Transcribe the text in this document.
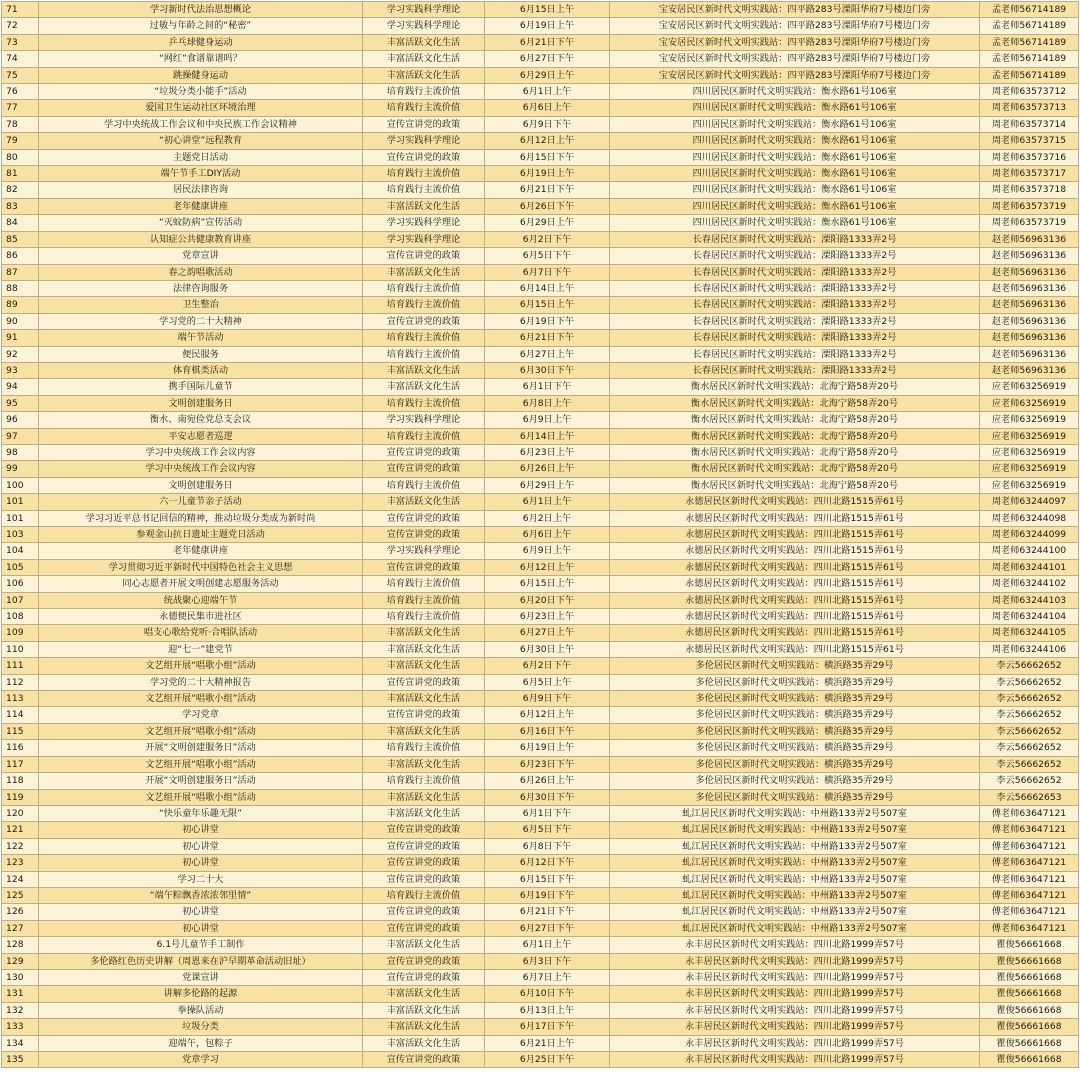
71	学习新时代法治思想概论	学习实践科学理论	6月15日上午	宝安居民区新时代文明实践站：四平路283号溧阳华府7号楼边门旁	孟老师56714189
72	过敏与年龄之间的“秘密”	学习实践科学理论	6月19日上午	宝安居民区新时代文明实践站：四平路283号溧阳华府7号楼边门旁	孟老师56714189
73	乒乓球健身运动	丰富活跃文化生活	6月21日下午	宝安居民区新时代文明实践站：四平路283号溧阳华府7号楼边门旁	孟老师56714189
74	“网红”食谱靠谱吗？	丰富活跃文化生活	6月27日下午	宝安居民区新时代文明实践站：四平路283号溧阳华府7号楼边门旁	孟老师56714189
75	跳操健身运动	丰富活跃文化生活	6月29日上午	宝安居民区新时代文明实践站：四平路283号溧阳华府7号楼边门旁	孟老师56714189
76	“垃圾分类小能手”活动	培育践行主流价值	6月1日上午	四川居民区新时代文明实践站：衡水路61号106室	周老师63573712
77	爱国卫生运动社区环境治理	培育践行主流价值	6月6日上午	四川居民区新时代文明实践站：衡水路61号106室	周老师63573713
78	学习中央统战工作会议和中央民族工作会议精神	宣传宣讲党的政策	6月9日下午	四川居民区新时代文明实践站：衡水路61号106室	周老师63573714
79	“初心讲堂”远程教育	学习实践科学理论	6月12日上午	四川居民区新时代文明实践站：衡水路61号106室	周老师63573715
80	主题党日活动	宣传宣讲党的政策	6月15日下午	四川居民区新时代文明实践站：衡水路61号106室	周老师63573716
81	端午节手工DIY活动	培育践行主流价值	6月19日上午	四川居民区新时代文明实践站：衡水路61号106室	周老师63573717
82	居民法律咨询	培育践行主流价值	6月21日下午	四川居民区新时代文明实践站：衡水路61号106室	周老师63573718
83	老年健康讲座	丰富活跃文化生活	6月26日下午	四川居民区新时代文明实践站：衡水路61号106室	周老师63573719
84	“灭蚊防病”宣传活动	学习实践科学理论	6月29日上午	四川居民区新时代文明实践站：衡水路61号106室	周老师63573719
85	认知症公共健康教育讲座	学习实践科学理论	6月2日下午	长春居民区新时代文明实践站：溧阳路1333弄2号	赵老师56963136
86	党章宣讲	宣传宣讲党的政策	6月5日下午	长春居民区新时代文明实践站：溧阳路1333弄2号	赵老师56963136
87	春之韵唱歌活动	丰富活跃文化生活	6月7日下午	长春居民区新时代文明实践站：溧阳路1333弄2号	赵老师56963136
88	法律咨询服务	培育践行主流价值	6月14日上午	长春居民区新时代文明实践站：溧阳路1333弄2号	赵老师56963136
89	卫生整治	培育践行主流价值	6月15日上午	长春居民区新时代文明实践站：溧阳路1333弄2号	赵老师56963136
90	学习党的二十大精神	宣传宣讲党的政策	6月19日下午	长春居民区新时代文明实践站：溧阳路1333弄2号	赵老师56963136
91	端午节活动	培育践行主流价值	6月21日下午	长春居民区新时代文明实践站：溧阳路1333弄2号	赵老师56963136
92	便民服务	培育践行主流价值	6月27日上午	长春居民区新时代文明实践站：溧阳路1333弄2号	赵老师56963136
93	体育棋类活动	丰富活跃文化生活	6月30日下午	长春居民区新时代文明实践站：溧阳路1333弄2号	赵老师56963136
94	携手国际儿童节	丰富活跃文化生活	6月1日下午	衡水居民区新时代文明实践站：北海宁路58弄20号	应老师63256919
95	文明创建服务日	培育践行主流价值	6月8日上午	衡水居民区新时代文明实践站：北海宁路58弄20号	应老师63256919
96	衡水、南宛俭党总支会议	学习实践科学理论	6月9日上午	衡水居民区新时代文明实践站：北海宁路58弄20号	应老师63256919
97	平安志愿者巡逻	培育践行主流价值	6月14日上午	衡水居民区新时代文明实践站：北海宁路58弄20号	应老师63256919
98	学习中央统战工作会议内容	宣传宣讲党的政策	6月23日上午	衡水居民区新时代文明实践站：北海宁路58弄20号	应老师63256919
99	学习中央统战工作会议内容	宣传宣讲党的政策	6月26日上午	衡水居民区新时代文明实践站：北海宁路58弄20号	应老师63256919
100	文明创建服务日	培育践行主流价值	6月29日上午	衡水居民区新时代文明实践站：北海宁路58弄20号	应老师63256919
101	六一儿童节亲子活动	丰富活跃文化生活	6月1日上午	永德居民区新时代文明实践站：四川北路1515弄61号	周老师63244097
101	学习习近平总书记回信的精神，推动垃圾分类成为新时尚	宣传宣讲党的政策	6月2日上午	永德居民区新时代文明实践站：四川北路1515弄61号	周老师63244098
103	参观金山抗日遗址主题党日活动	宣传宣讲党的政策	6月6日上午	永德居民区新时代文明实践站：四川北路1515弄61号	周老师63244099
104	老年健康讲座	学习实践科学理论	6月9日上午	永德居民区新时代文明实践站：四川北路1515弄61号	周老师63244100
105	学习贯彻习近平新时代中国特色社会主义思想	宣传宣讲党的政策	6月12日上午	永德居民区新时代文明实践站：四川北路1515弄61号	周老师63244101
106	同心志愿者开展文明创建志愿服务活动	培育践行主流价值	6月15日上午	永德居民区新时代文明实践站：四川北路1515弄61号	周老师63244102
107	统战聚心迎端午节	培育践行主流价值	6月20日下午	永德居民区新时代文明实践站：四川北路1515弄61号	周老师63244103
108	永德便民集市进社区	培育践行主流价值	6月23日上午	永德居民区新时代文明实践站：四川北路1515弄61号	周老师63244104
109	唱支心歌给党听·合唱队活动	丰富活跃文化生活	6月27日上午	永德居民区新时代文明实践站：四川北路1515弄61号	周老师63244105
110	迎“七一”建党节	丰富活跃文化生活	6月30日上午	永德居民区新时代文明实践站：四川北路1515弄61号	周老师63244106
111	文艺组开展“唱歌小组”活动	丰富活跃文化生活	6月2日下午	多伦居民区新时代文明实践站：横浜路35弄29号	李云56662652
112	学习党的二十大精神报告	宣传宣讲党的政策	6月5日上午	多伦居民区新时代文明实践站：横浜路35弄29号	李云56662652
113	文艺组开展“唱歌小组”活动	丰富活跃文化生活	6月9日下午	多伦居民区新时代文明实践站：横浜路35弄29号	李云56662652
114	学习党章	宣传宣讲党的政策	6月12日上午	多伦居民区新时代文明实践站：横浜路35弄29号	李云56662652
115	文艺组开展“唱歌小组”活动	丰富活跃文化生活	6月16日下午	多伦居民区新时代文明实践站：横浜路35弄29号	李云56662652
116	开展“文明创建服务日”活动	培育践行主流价值	6月19日上午	多伦居民区新时代文明实践站：横浜路35弄29号	李云56662652
117	文艺组开展“唱歌小组”活动	丰富活跃文化生活	6月23日下午	多伦居民区新时代文明实践站：横浜路35弄29号	李云56662652
118	开展“文明创建服务日”活动	培育践行主流价值	6月26日上午	多伦居民区新时代文明实践站：横浜路35弄29号	李云56662652
119	文艺组开展“唱歌小组”活动	丰富活跃文化生活	6月30日下午	多伦居民区新时代文明实践站：横浜路35弄29号	李云56662653
120	“快乐童年乐趣无限”	丰富活跃文化生活	6月1日下午	虬江居民区新时代文明实践站：中州路133弄2号507室	傅老师63647121
121	初心讲堂	宣传宣讲党的政策	6月5日下午	虬江居民区新时代文明实践站：中州路133弄2号507室	傅老师63647121
122	初心讲堂	宣传宣讲党的政策	6月8日下午	虬江居民区新时代文明实践站：中州路133弄2号507室	傅老师63647121
123	初心讲堂	宣传宣讲党的政策	6月12日下午	虬江居民区新时代文明实践站：中州路133弄2号507室	傅老师63647121
124	学习二十大	宣传宣讲党的政策	6月15日下午	虬江居民区新时代文明实践站：中州路133弄2号507室	傅老师63647121
125	“端午粽飘香浓浓邻里情”	培育践行主流价值	6月19日下午	虬江居民区新时代文明实践站：中州路133弄2号507室	傅老师63647121
126	初心讲堂	宣传宣讲党的政策	6月21日下午	虬江居民区新时代文明实践站：中州路133弄2号507室	傅老师63647121
127	初心讲堂	宣传宣讲党的政策	6月27日下午	虬江居民区新时代文明实践站：中州路133弄2号507室	傅老师63647121
128	6.1号儿童节手工制作	丰富活跃文化生活	6月1日上午	永丰居民区新时代文明实践站：四川北路1999弄57号	瞿俊56661668
129	多伦路红色历史讲解（周恩来在沪早期革命活动旧址）	宣传宣讲党的政策	6月3日下午	永丰居民区新时代文明实践站：四川北路1999弄57号	瞿俊56661668
130	党课宣讲	宣传宣讲党的政策	6月7日上午	永丰居民区新时代文明实践站：四川北路1999弄57号	瞿俊56661668
131	讲解多伦路的起源	丰富活跃文化生活	6月10日下午	永丰居民区新时代文明实践站：四川北路1999弄57号	瞿俊56661668
132	拳操队活动	丰富活跃文化生活	6月13日上午	永丰居民区新时代文明实践站：四川北路1999弄57号	瞿俊56661668
133	垃圾分类	丰富活跃文化生活	6月17日下午	永丰居民区新时代文明实践站：四川北路1999弄57号	瞿俊56661668
134	迎端午，包粽子	丰富活跃文化生活	6月21日上午	永丰居民区新时代文明实践站：四川北路1999弄57号	瞿俊56661668
135	党章学习	宣传宣讲党的政策	6月25日下午	永丰居民区新时代文明实践站：四川北路1999弄57号	瞿俊56661668
